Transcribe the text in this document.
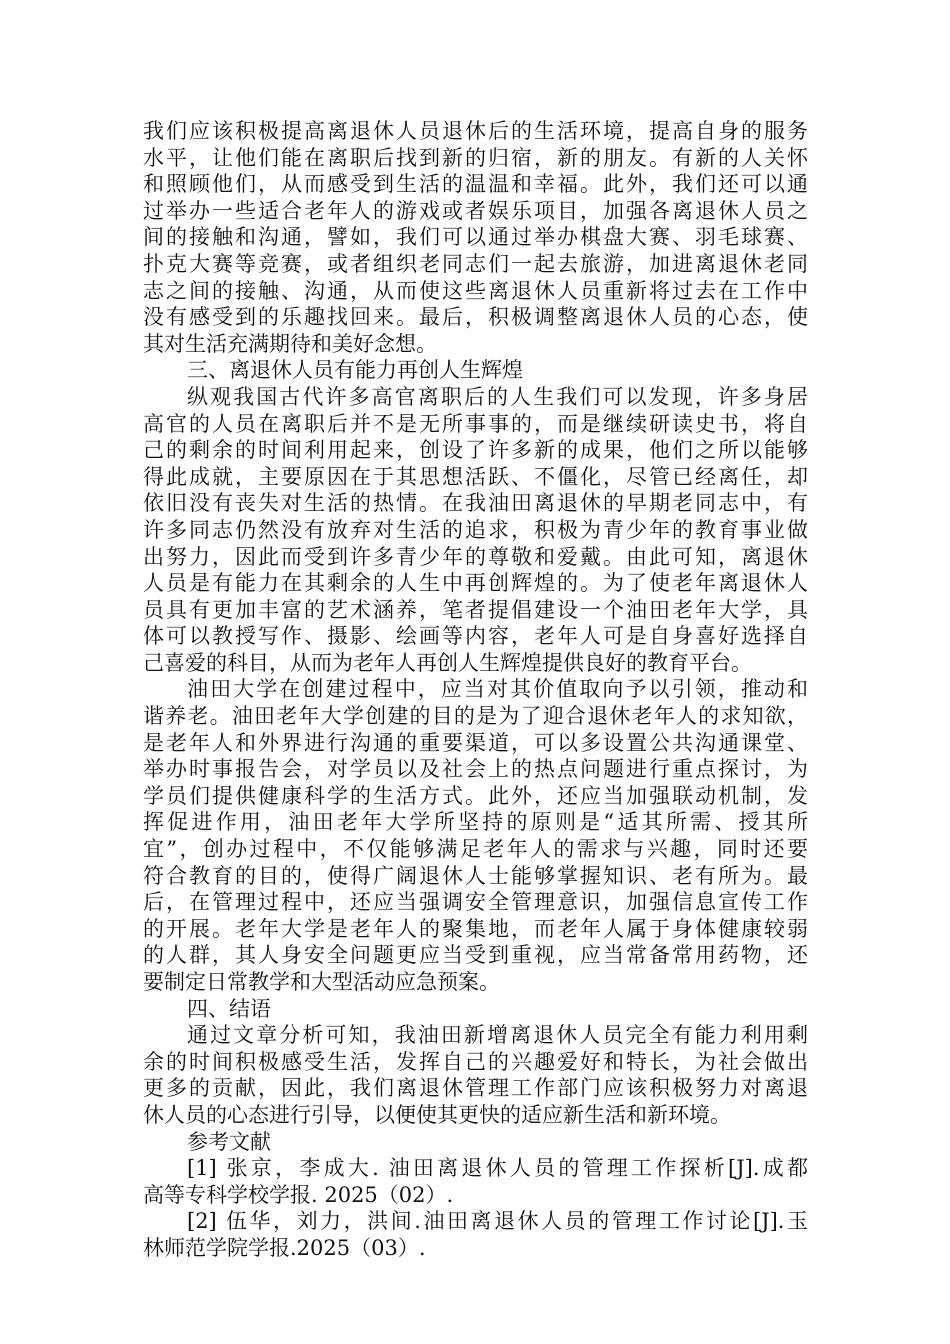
我们应该积极提高离退休人员退休后的生活环境，提高自身的服务
水平，让他们能在离职后找到新的归宿，新的朋友。有新的人关怀
和照顾他们，从而感受到生活的温温和幸福。此外，我们还可以通
过举办一些适合老年人的游戏或者娱乐项目，加强各离退休人员之
间的接触和沟通，譬如，我们可以通过举办棋盘大赛、羽毛球赛、
扑克大赛等竞赛，或者组织老同志们一起去旅游，加进离退休老同
志之间的接触、沟通，从而使这些离退休人员重新将过去在工作中
没有感受到的乐趣找回来。最后，积极调整离退休人员的心态，使
其对生活充满期待和美好念想。
三、离退休人员有能力再创人生辉煌
纵观我国古代许多高官离职后的人生我们可以发现，许多身居
高官的人员在离职后并不是无所事事的，而是继续研读史书，将自
己的剩余的时间利用起来，创设了许多新的成果，他们之所以能够
得此成就，主要原因在于其思想活跃、不僵化，尽管已经离任，却
依旧没有丧失对生活的热情。在我油田离退休的早期老同志中，有
许多同志仍然没有放弃对生活的追求，积极为青少年的教育事业做
出努力，因此而受到许多青少年的尊敬和爱戴。由此可知，离退休
人员是有能力在其剩余的人生中再创辉煌的。为了使老年离退休人
员具有更加丰富的艺术涵养，笔者提倡建设一个油田老年大学，具
体可以教授写作、摄影、绘画等内容，老年人可是自身喜好选择自
己喜爱的科目，从而为老年人再创人生辉煌提供良好的教育平台。
油田大学在创建过程中，应当对其价值取向予以引领，推动和
谐养老。油田老年大学创建的目的是为了迎合退休老年人的求知欲，
是老年人和外界进行沟通的重要渠道，可以多设置公共沟通课堂、
举办时事报告会，对学员以及社会上的热点问题进行重点探讨，为
学员们提供健康科学的生活方式。此外，还应当加强联动机制，发
挥促进作用，油田老年大学所坚持的原则是“适其所需、授其所
宜”，创办过程中，不仅能够满足老年人的需求与兴趣，同时还要
符合教育的目的，使得广阔退休人士能够掌握知识、老有所为。最
后，在管理过程中，还应当强调安全管理意识，加强信息宣传工作
的开展。老年大学是老年人的聚集地，而老年人属于身体健康较弱
的人群，其人身安全问题更应当受到重视，应当常备常用药物，还
要制定日常教学和大型活动应急预案。
四、结语
通过文章分析可知，我油田新增离退休人员完全有能力利用剩
余的时间积极感受生活，发挥自己的兴趣爱好和特长，为社会做出
更多的贡献，因此，我们离退休管理工作部门应该积极努力对离退
休人员的心态进行引导，以便使其更快的适应新生活和新环境。
参考文献
[1] 张京，李成大. 油田离退休人员的管理工作探析[J].成都
高等专科学校学报. 2025（02）.
[2] 伍华，刘力，洪间.油田离退休人员的管理工作讨论[J].玉
林师范学院学报.2025（03）.
